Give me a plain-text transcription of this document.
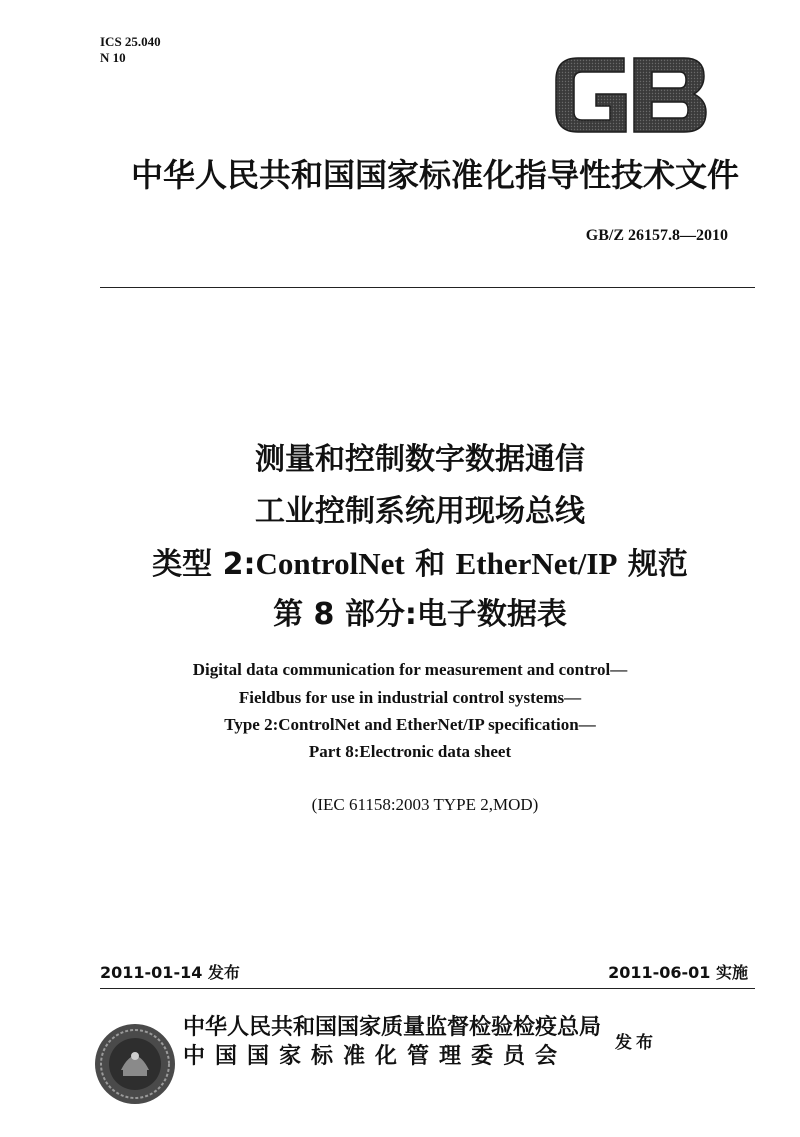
ICS 25.040
N 10
中华人民共和国国家标准化指导性技术文件
GB/Z 26157.8—2010
测量和控制数字数据通信
工业控制系统用现场总线
类型 2:ControlNet 和 EtherNet/IP 规范
第 8 部分:电子数据表
Digital data communication for measurement and control—
Fieldbus for use in industrial control systems—
Type 2:ControlNet and EtherNet/IP specification—
Part 8:Electronic data sheet
(IEC 61158:2003 TYPE 2,MOD)
2011-01-14 发布	2011-06-01 实施
中华人民共和国国家质量监督检验检疫总局
中国国家标准化管理委员会
发布
